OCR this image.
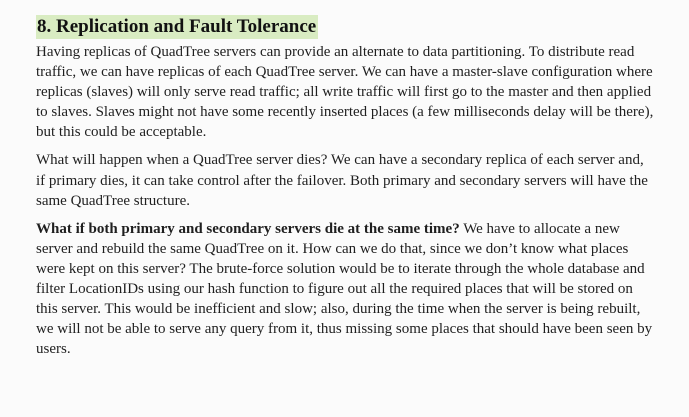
8. Replication and Fault Tolerance

Having replicas of QuadTree servers can provide an alternate to data partitioning. To distribute read traffic, we can have replicas of each QuadTree server. We can have a master-slave configuration where replicas (slaves) will only serve read traffic; all write traffic will first go to the master and then applied to slaves. Slaves might not have some recently inserted places (a few milliseconds delay will be there), but this could be acceptable.

What will happen when a QuadTree server dies? We can have a secondary replica of each server and, if primary dies, it can take control after the failover. Both primary and secondary servers will have the same QuadTree structure.

What if both primary and secondary servers die at the same time? We have to allocate a new server and rebuild the same QuadTree on it. How can we do that, since we don’t know what places were kept on this server? The brute-force solution would be to iterate through the whole database and filter LocationIDs using our hash function to figure out all the required places that will be stored on this server. This would be inefficient and slow; also, during the time when the server is being rebuilt, we will not be able to serve any query from it, thus missing some places that should have been seen by users.
